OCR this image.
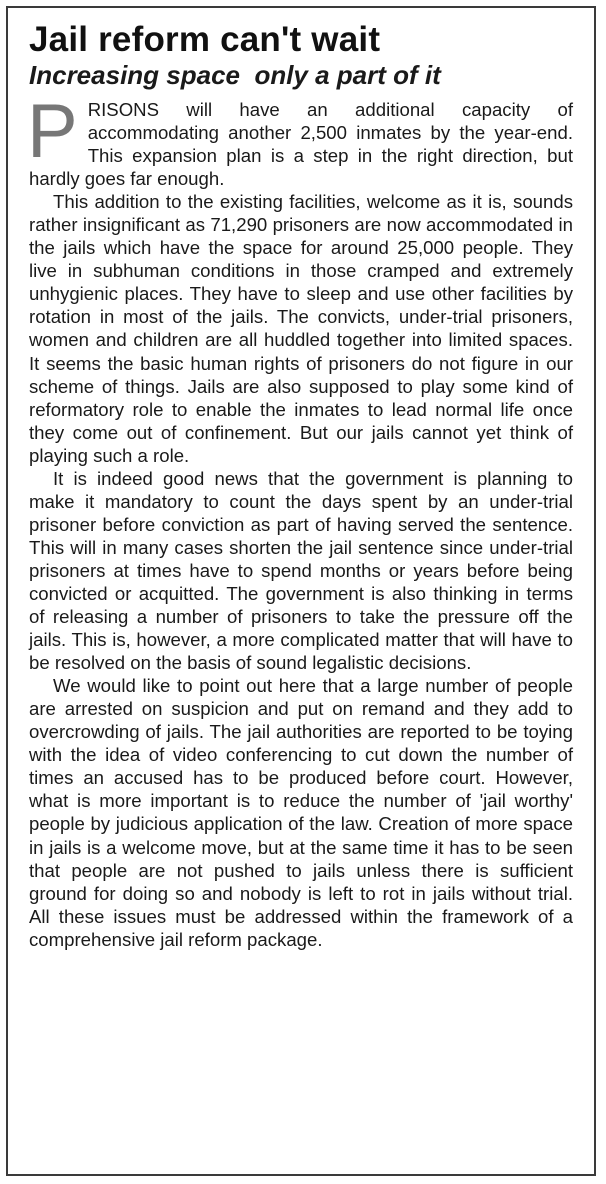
Jail reform can't wait
Increasing space  only a part of it

PRISONS will have an additional capacity of accommodating another 2,500 inmates by the year-end. This expansion plan is a step in the right direction, but hardly goes far enough.

This addition to the existing facilities, welcome as it is, sounds rather insignificant as 71,290 prisoners are now accommodated in the jails which have the space for around 25,000 people. They live in subhuman conditions in those cramped and extremely unhygienic places. They have to sleep and use other facilities by rotation in most of the jails. The convicts, under-trial prisoners, women and children are all huddled together into limited spaces. It seems the basic human rights of prisoners do not figure in our scheme of things. Jails are also supposed to play some kind of reformatory role to enable the inmates to lead normal life once they come out of confinement. But our jails cannot yet think of playing such a role.

It is indeed good news that the government is planning to make it mandatory to count the days spent by an under-trial prisoner before conviction as part of having served the sentence. This will in many cases shorten the jail sentence since under-trial prisoners at times have to spend months or years before being convicted or acquitted. The government is also thinking in terms of releasing a number of prisoners to take the pressure off the jails. This is, however, a more complicated matter that will have to be resolved on the basis of sound legalistic decisions.

We would like to point out here that a large number of people are arrested on suspicion and put on remand and they add to overcrowding of jails. The jail authorities are reported to be toying with the idea of video conferencing to cut down the number of times an accused has to be produced before court. However, what is more important is to reduce the number of 'jail worthy' people by judicious application of the law. Creation of more space in jails is a welcome move, but at the same time it has to be seen that people are not pushed to jails unless there is sufficient ground for doing so and nobody is left to rot in jails without trial. All these issues must be addressed within the framework of a comprehensive jail reform package.
